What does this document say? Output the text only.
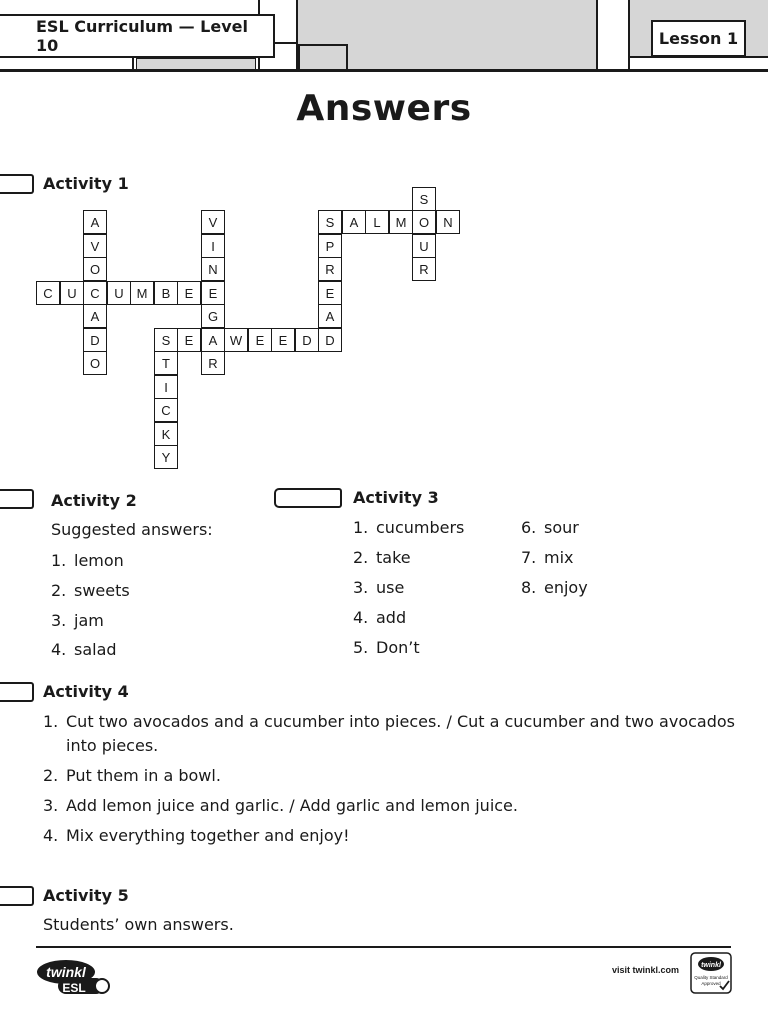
ESL Curriculum — Level 10	Lesson 1
Answers
Activity 1
S	A	L	M O	N
C	U	C	U M	B	E	E
S	E	A W	E	E	D
S
U
R
A
V
O
A
D
O
V
I
N
G
R
P
R
E
A
D
T
I
C
K
Y
Activity 2
Suggested answers:
1. lemon
2. sweets
3. jam
4. salad
Activity 3
1. cucumbers
2. take
3. use
4. add
5. Don’t
6. sour
7. mix
8. enjoy
Activity 4
1. Cut two avocados and a cucumber into pieces. / Cut a cucumber and two avocados
into pieces.
2. Put them in a bowl.
3. Add lemon juice and garlic. / Add garlic and lemon juice.
4. Mix everything together and enjoy!
Activity 5
Students’ own answers.
twinkl
ESL
visit twinkl.com	twinkl
Quality Standard
Approved
